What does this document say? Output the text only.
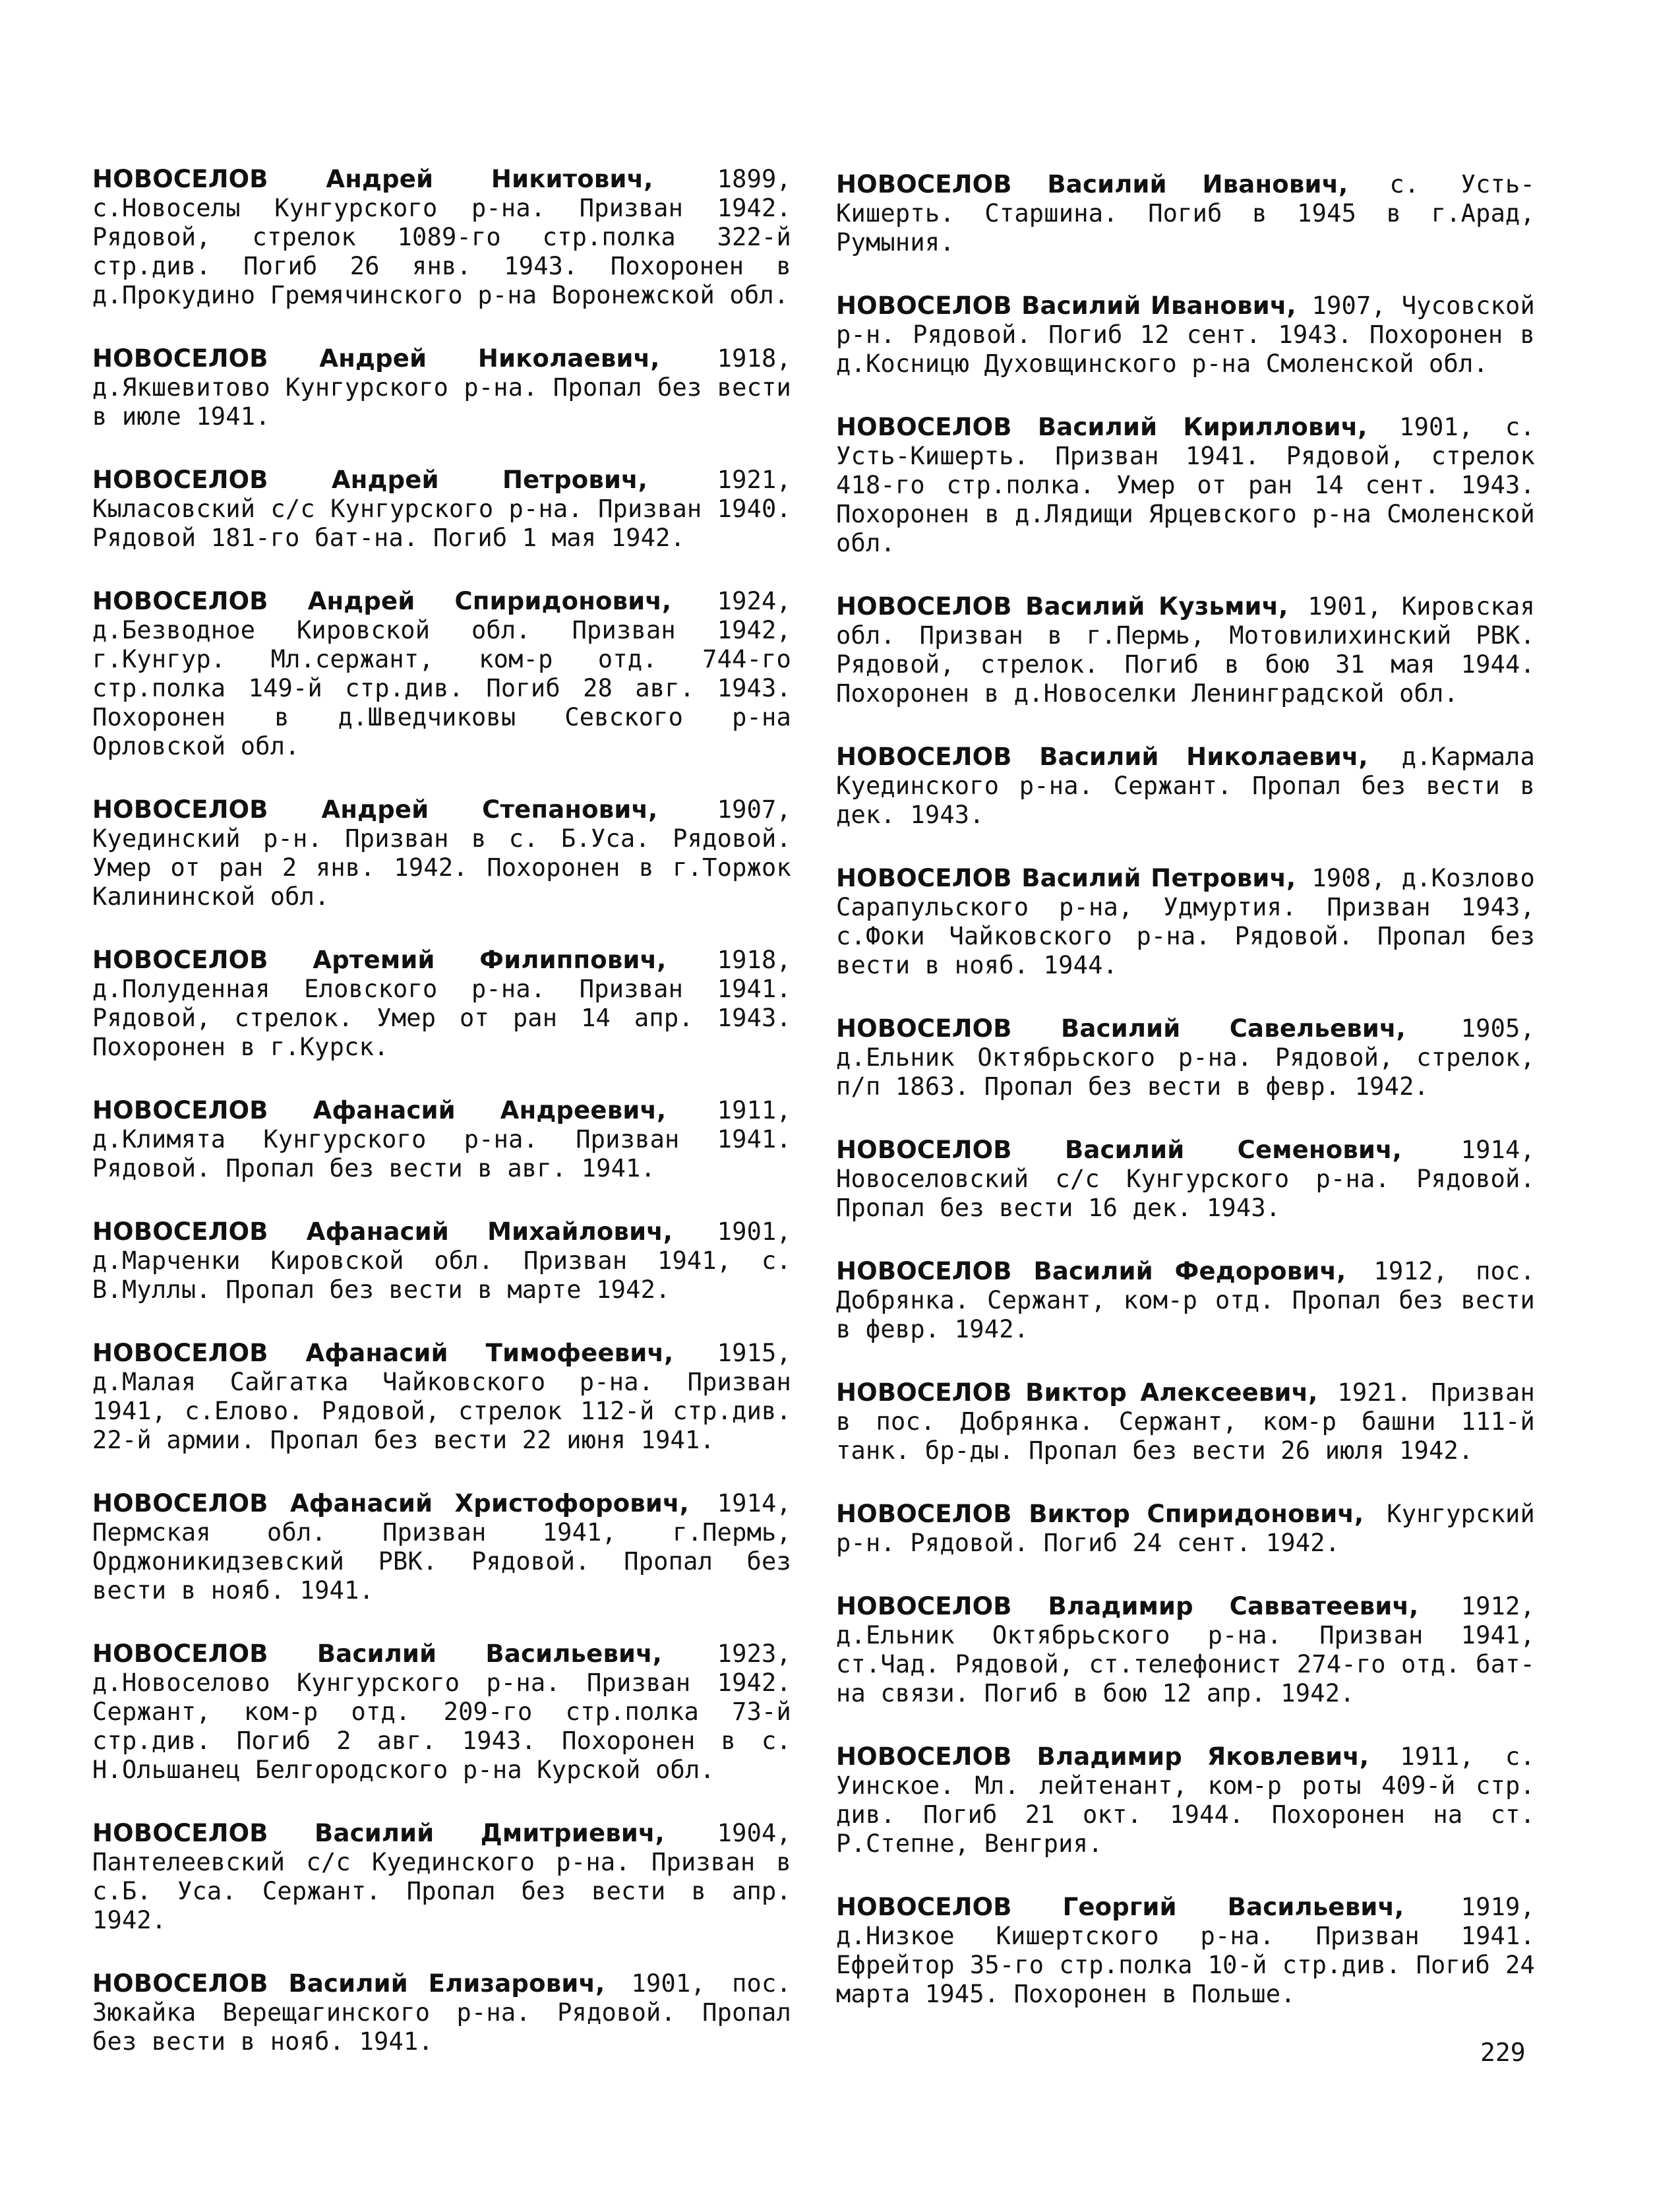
НОВОСЕЛОВ Андрей Никитович, 1899, с.Новоселы Кунгурского р-на. Призван 1942. Рядовой, стрелок 1089-го стр.полка 322-й стр.див. Погиб 26 янв. 1943. Похоронен в д.Прокудино Гремячинского р-на Воронежской обл.

НОВОСЕЛОВ Андрей Николаевич, 1918, д.Якшевитово Кунгурского р-на. Пропал без вести в июле 1941.

НОВОСЕЛОВ Андрей Петрович, 1921, Кыласовский с/с Кунгурского р-на. Призван 1940. Рядовой 181-го бат-на. Погиб 1 мая 1942.

НОВОСЕЛОВ Андрей Спиридонович, 1924, д.Безводное Кировской обл. Призван 1942, г.Кунгур. Мл.сержант, ком-р отд. 744-го стр.полка 149-й стр.див. Погиб 28 авг. 1943. Похоронен в д.Шведчиковы Севского р-на Орловской обл.

НОВОСЕЛОВ Андрей Степанович, 1907, Куединский р-н. Призван в с. Б.Уса. Рядовой. Умер от ран 2 янв. 1942. Похоронен в г.Торжок Калининской обл.

НОВОСЕЛОВ Артемий Филиппович, 1918, д.Полуденная Еловского р-на. Призван 1941. Рядовой, стрелок. Умер от ран 14 апр. 1943. Похоронен в г.Курск.

НОВОСЕЛОВ Афанасий Андреевич, 1911, д.Климята Кунгурского р-на. Призван 1941. Рядовой. Пропал без вести в авг. 1941.

НОВОСЕЛОВ Афанасий Михайлович, 1901, д.Марченки Кировской обл. Призван 1941, с. В.Муллы. Пропал без вести в марте 1942.

НОВОСЕЛОВ Афанасий Тимофеевич, 1915, д.Малая Сайгатка Чайковского р-на. Призван 1941, с.Елово. Рядовой, стрелок 112-й стр.див. 22-й армии. Пропал без вести 22 июня 1941.

НОВОСЕЛОВ Афанасий Христофорович, 1914, Пермская обл. Призван 1941, г.Пермь, Орджоникидзевский РВК. Рядовой. Пропал без вести в нояб. 1941.

НОВОСЕЛОВ Василий Васильевич, 1923, д.Новоселово Кунгурского р-на. Призван 1942. Сержант, ком-р отд. 209-го стр.полка 73-й стр.див. Погиб 2 авг. 1943. Похоронен в с. Н.Ольшанец Белгородского р-на Курской обл.

НОВОСЕЛОВ Василий Дмитриевич, 1904, Пантелеевский с/с Куединского р-на. Призван в с.Б. Уса. Сержант. Пропал без вести в апр. 1942.

НОВОСЕЛОВ Василий Елизарович, 1901, пос. Зюкайка Верещагинского р-на. Рядовой. Пропал без вести в нояб. 1941.

НОВОСЕЛОВ Василий Иванович, с. Усть-Кишерть. Старшина. Погиб в 1945 в г.Арад, Румыния.

НОВОСЕЛОВ Василий Иванович, 1907, Чусовской р-н. Рядовой. Погиб 12 сент. 1943. Похоронен в д.Косницю Духовщинского р-на Смоленской обл.

НОВОСЕЛОВ Василий Кириллович, 1901, с. Усть-Кишерть. Призван 1941. Рядовой, стрелок 418-го стр.полка. Умер от ран 14 сент. 1943. Похоронен в д.Лядищи Ярцевского р-на Смоленской обл.

НОВОСЕЛОВ Василий Кузьмич, 1901, Кировская обл. Призван в г.Пермь, Мотовилихинский РВК. Рядовой, стрелок. Погиб в бою 31 мая 1944. Похоронен в д.Новоселки Ленинградской обл.

НОВОСЕЛОВ Василий Николаевич, д.Кармала Куединского р-на. Сержант. Пропал без вести в дек. 1943.

НОВОСЕЛОВ Василий Петрович, 1908, д.Козлово Сарапульского р-на, Удмуртия. Призван 1943, с.Фоки Чайковского р-на. Рядовой. Пропал без вести в нояб. 1944.

НОВОСЕЛОВ Василий Савельевич, 1905, д.Ельник Октябрьского р-на. Рядовой, стрелок, п/п 1863. Пропал без вести в февр. 1942.

НОВОСЕЛОВ Василий Семенович, 1914, Новоселовский с/с Кунгурского р-на. Рядовой. Пропал без вести 16 дек. 1943.

НОВОСЕЛОВ Василий Федорович, 1912, пос. Добрянка. Сержант, ком-р отд. Пропал без вести в февр. 1942.

НОВОСЕЛОВ Виктор Алексеевич, 1921. Призван в пос. Добрянка. Сержант, ком-р башни 111-й танк. бр-ды. Пропал без вести 26 июля 1942.

НОВОСЕЛОВ Виктор Спиридонович, Кунгурский р-н. Рядовой. Погиб 24 сент. 1942.

НОВОСЕЛОВ Владимир Савватеевич, 1912, д.Ельник Октябрьского р-на. Призван 1941, ст.Чад. Рядовой, ст.телефонист 274-го отд. бат-на связи. Погиб в бою 12 апр. 1942.

НОВОСЕЛОВ Владимир Яковлевич, 1911, с. Уинское. Мл. лейтенант, ком-р роты 409-й стр. див. Погиб 21 окт. 1944. Похоронен на ст. Р.Степне, Венгрия.

НОВОСЕЛОВ Георгий Васильевич, 1919, д.Низкое Кишертского р-на. Призван 1941. Ефрейтор 35-го стр.полка 10-й стр.див. Погиб 24 марта 1945. Похоронен в Польше.

229
